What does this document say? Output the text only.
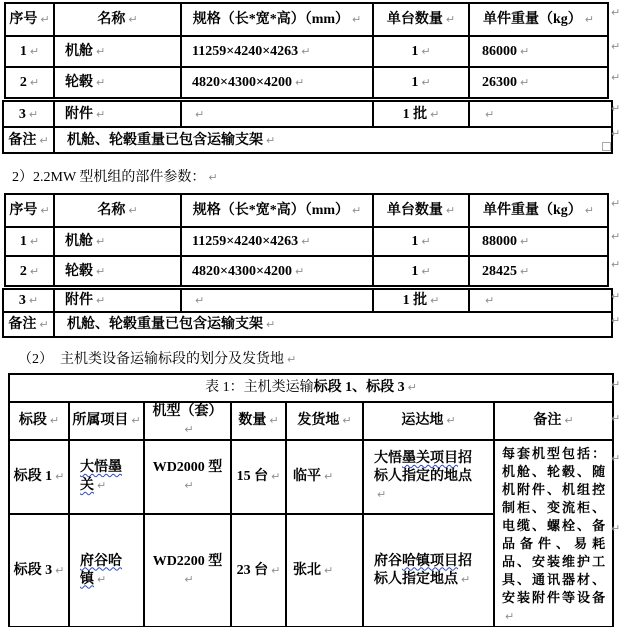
序号 ↵	名称 ↵	规格（长*宽*高）（mm） ↵	单台数量 ↵	单件重量（kg） ↵
1 ↵	机舱 ↵	11259×4240×4263 ↵	1 ↵	86000 ↵
2 ↵	轮毂 ↵	4820×4300×4200 ↵	1 ↵	26300 ↵
3 ↵	附件 ↵	↵	1 批 ↵	↵
备注 ↵	机舱、轮毂重量已包含运输支架 ↵			
2）2.2MW 型机组的部件参数： ↵
序号 ↵	名称 ↵	规格（长*宽*高）（mm） ↵	单台数量 ↵	单件重量（kg） ↵
1 ↵	机舱 ↵	11259×4240×4263 ↵	1 ↵	88000 ↵
2 ↵	轮毂 ↵	4820×4300×4200 ↵	1 ↵	28425 ↵
3 ↵	附件 ↵	↵	1 批 ↵	↵
备注 ↵	机舱、轮毂重量已包含运输支架 ↵			
（2）　主机类设备运输标段的划分及发货地 ↵
表 1：主机类运输标段 1、标段 3 ↵						
标段 ↵	所属项目 ↵	机型（套）↵	数量 ↵	发货地 ↵	运达地 ↵	备注 ↵
标段 1 ↵	大悟墨关 ↵	WD2000 型↵	15 台 ↵	临平 ↵	大悟墨关项目招标人指定的地点↵	每套机型包括：机舱、轮毂、随机附件、机组控制柜、变流柜、电缆、螺栓、备品备件、易耗品、安装维护工具、通讯器材、安装附件等设备↵
标段 3 ↵	府谷哈镇 ↵	WD2200 型↵	23 台 ↵	张北 ↵	府谷哈镇项目招标人指定地点 ↵	
↵
↵
↵
↵
↵
↵
↵
↵
↵
↵
↵
↵
↵
↵
